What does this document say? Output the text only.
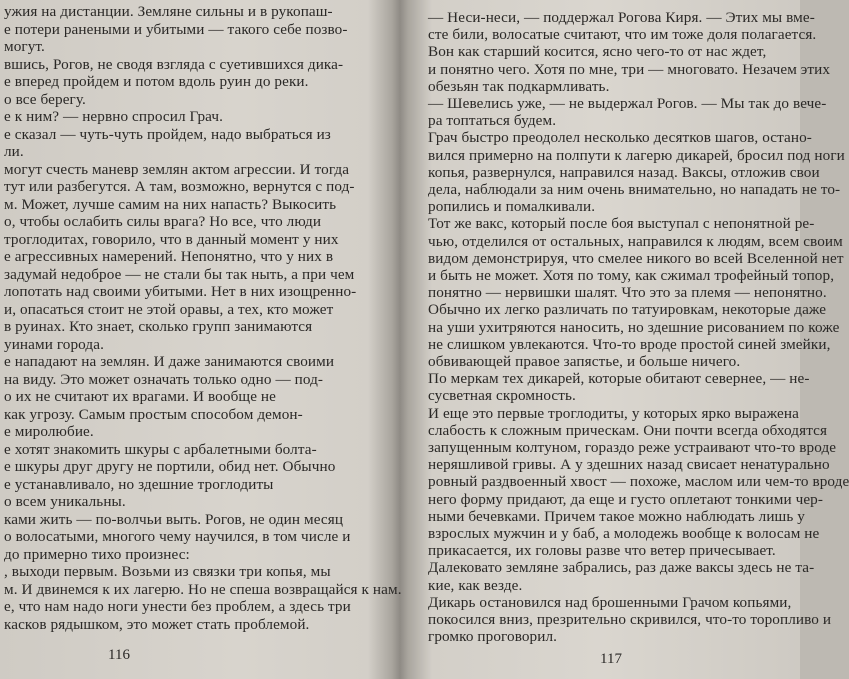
ужия на дистанции. Земляне сильны и в рукопаш-
е потери ранеными и убитыми — такого себе позво-
могут.
вшись, Рогов, не сводя взгляда с суетившихся дика-
е вперед пройдем и потом вдоль руин до реки.
о все берегу.
е к ним? — нервно спросил Грач.
е сказал — чуть-чуть пройдем, надо выбраться из
ли.
могут счесть маневр землян актом агрессии. И тогда
тут или разбегутся. А там, возможно, вернутся с под-
м. Может, лучше самим на них напасть? Выкосить
о, чтобы ослабить силы врага? Но все, что люди
троглодитах, говорило, что в данный момент у них
е агрессивных намерений. Непонятно, что у них в
задумай недоброе — не стали бы так ныть, а при чем
лопотать над своими убитыми. Нет в них изощренно-
и, опасаться стоит не этой оравы, а тех, кто может
в руинах. Кто знает, сколько групп занимаются
уинами города.
е нападают на землян. И даже занимаются своими
на виду. Это может означать только одно — под-
о их не считают их врагами. И вообще не
как угрозу. Самым простым способом демон-
е миролюбие.
е хотят знакомить шкуры с арбалетными болта-
е шкуры друг другу не портили, обид нет. Обычно
е устанавливало, но здешние троглодиты
о всем уникальны.
ками жить — по-волчьи выть. Рогов, не один месяц
о волосатыми, многого чему научился, в том числе и
до примерно тихо произнес:
, выходи первым. Возьми из связки три копья, мы
м. И двинемся к их лагерю. Но не спеша возвращайся к нам.
е, что нам надо ноги унести без проблем, а здесь три
касков рядышком, это может стать проблемой.
116
— Неси-неси, — поддержал Рогова Киря. — Этих мы вме-
сте били, волосатые считают, что им тоже доля полагается.
Вон как старший косится, ясно чего-то от нас ждет,
и понятно чего. Хотя по мне, три — многовато. Незачем этих
обезьян так подкармливать.
— Шевелись уже, — не выдержал Рогов. — Мы так до вече-
ра топтаться будем.
Грач быстро преодолел несколько десятков шагов, остано-
вился примерно на полпути к лагерю дикарей, бросил под ноги
копья, развернулся, направился назад. Ваксы, отложив свои
дела, наблюдали за ним очень внимательно, но нападать не то-
ропились и помалкивали.
Тот же вакс, который после боя выступал с непонятной ре-
чью, отделился от остальных, направился к людям, всем своим
видом демонстрируя, что смелее никого во всей Вселенной нет
и быть не может. Хотя по тому, как сжимал трофейный топор,
понятно — нервишки шалят. Что это за племя — непонятно.
Обычно их легко различать по татуировкам, некоторые даже
на уши ухитряются наносить, но здешние рисованием по коже
не слишком увлекаются. Что-то вроде простой синей змейки,
обвивающей правое запястье, и больше ничего.
По меркам тех дикарей, которые обитают севернее, — не-
сусветная скромность.
И еще это первые троглодиты, у которых ярко выражена
слабость к сложным прическам. Они почти всегда обходятся
запущенным колтуном, гораздо реже устраивают что-то вроде
неряшливой гривы. А у здешних назад свисает ненатурально
ровный раздвоенный хвост — похоже, маслом или чем-то вроде
него форму придают, да еще и густо оплетают тонкими чер-
ными бечевками. Причем такое можно наблюдать лишь у
взрослых мужчин и у баб, а молодежь вообще к волосам не
прикасается, их головы разве что ветер причесывает.
Далековато земляне забрались, раз даже ваксы здесь не та-
кие, как везде.
Дикарь остановился над брошенными Грачом копьями,
покосился вниз, презрительно скривился, что-то торопливо и
громко проговорил.
117
